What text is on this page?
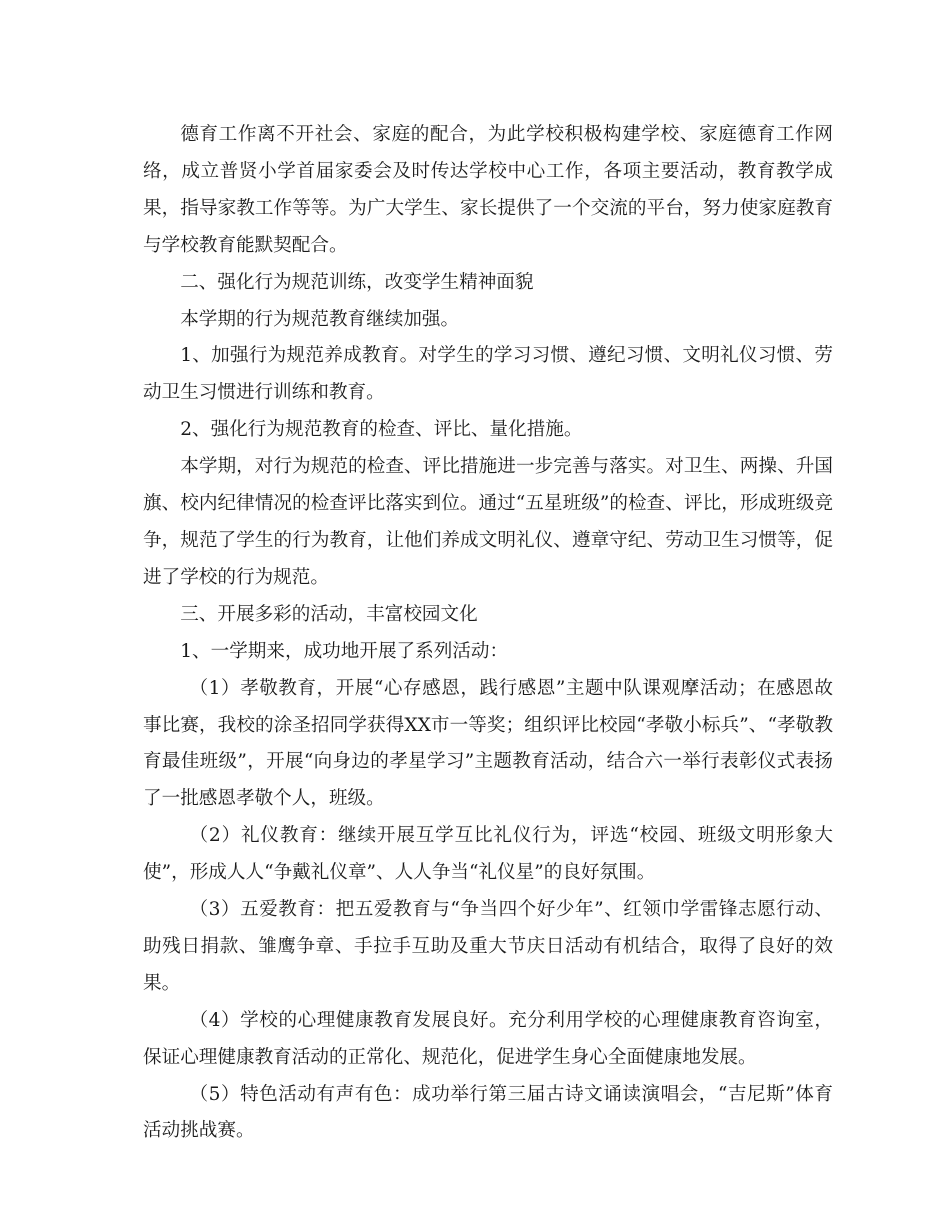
德育工作离不开社会、家庭的配合，为此学校积极构建学校、家庭德育工作网络，成立普贤小学首届家委会及时传达学校中心工作，各项主要活动，教育教学成果，指导家教工作等等。为广大学生、家长提供了一个交流的平台，努力使家庭教育与学校教育能默契配合。

二、强化行为规范训练，改变学生精神面貌

本学期的行为规范教育继续加强。

1、加强行为规范养成教育。对学生的学习习惯、遵纪习惯、文明礼仪习惯、劳动卫生习惯进行训练和教育。

2、强化行为规范教育的检查、评比、量化措施。

本学期，对行为规范的检查、评比措施进一步完善与落实。对卫生、两操、升国旗、校内纪律情况的检查评比落实到位。通过“五星班级”的检查、评比，形成班级竞争，规范了学生的行为教育，让他们养成文明礼仪、遵章守纪、劳动卫生习惯等，促进了学校的行为规范。

三、开展多彩的活动，丰富校园文化

1、一学期来，成功地开展了系列活动：

（1）孝敬教育，开展“心存感恩，践行感恩”主题中队课观摩活动；在感恩故事比赛，我校的涂圣招同学获得XX市一等奖；组织评比校园“孝敬小标兵”、“孝敬教育最佳班级”，开展“向身边的孝星学习”主题教育活动，结合六一举行表彰仪式表扬了一批感恩孝敬个人，班级。

（2）礼仪教育：继续开展互学互比礼仪行为，评选“校园、班级文明形象大使”，形成人人“争戴礼仪章”、人人争当“礼仪星”的良好氛围。

（3）五爱教育：把五爱教育与“争当四个好少年”、红领巾学雷锋志愿行动、助残日捐款、雏鹰争章、手拉手互助及重大节庆日活动有机结合，取得了良好的效果。

（4）学校的心理健康教育发展良好。充分利用学校的心理健康教育咨询室，保证心理健康教育活动的正常化、规范化，促进学生身心全面健康地发展。

（5）特色活动有声有色：成功举行第三届古诗文诵读演唱会，“吉尼斯”体育活动挑战赛。
